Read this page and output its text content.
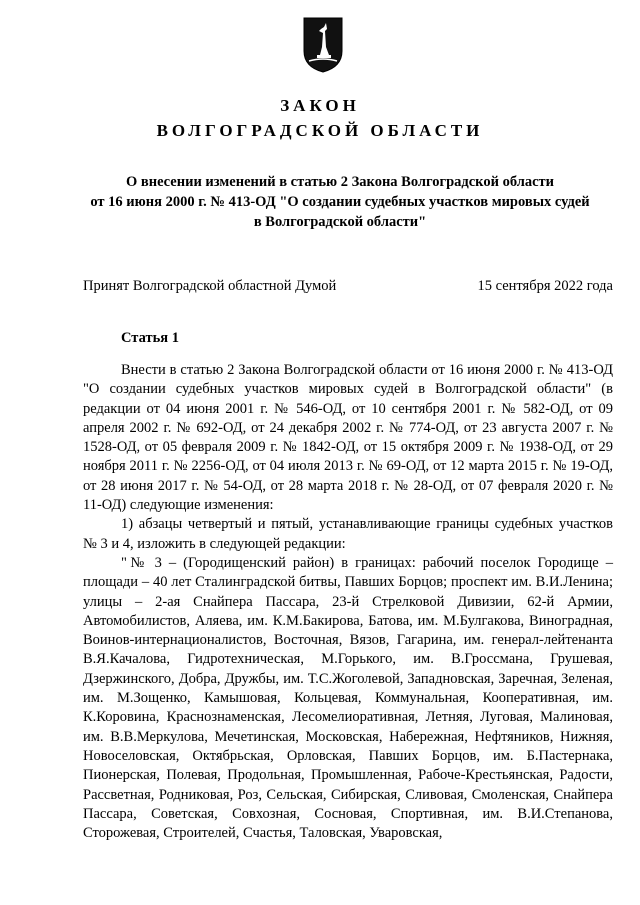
ЗАКОН
ВОЛГОГРАДСКОЙ ОБЛАСТИ
О внесении изменений в статью 2 Закона Волгоградской области
от 16 июня 2000 г. № 413-ОД "О создании судебных участков мировых судей
в Волгоградской области"
Принят Волгоградской областной Думой	15 сентября 2022 года
Статья 1

Внести в статью 2 Закона Волгоградской области от 16 июня 2000 г. № 413-ОД "О создании судебных участков мировых судей в Волгоградской области" (в редакции от 04 июня 2001 г. № 546-ОД, от 10 сентября 2001 г. № 582-ОД, от 09 апреля 2002 г. № 692-ОД, от 24 декабря 2002 г. № 774-ОД, от 23 августа 2007 г. № 1528-ОД, от 05 февраля 2009 г. № 1842-ОД, от 15 октября 2009 г. № 1938-ОД, от 29 ноября 2011 г. № 2256-ОД, от 04 июля 2013 г. № 69-ОД, от 12 марта 2015 г. № 19-ОД, от 28 июня 2017 г. № 54-ОД, от 28 марта 2018 г. № 28-ОД, от 07 февраля 2020 г. № 11-ОД) следующие изменения:

1) абзацы четвертый и пятый, устанавливающие границы судебных участков № 3 и 4, изложить в следующей редакции:

"№ 3 – (Городищенский район) в границах: рабочий поселок Городище – площади – 40 лет Сталинградской битвы, Павших Борцов; проспект им. В.И.Ленина; улицы – 2-ая Снайпера Пассара, 23-й Стрелковой Дивизии, 62-й Армии, Автомобилистов, Аляева, им. К.М.Бакирова, Батова, им. М.Булгакова, Виноградная, Воинов-интернационалистов, Восточная, Вязов, Гагарина, им. генерал-лейтенанта В.Я.Качалова, Гидротехническая, М.Горького, им. В.Гроссмана, Грушевая, Дзержинского, Добра, Дружбы, им. Т.С.Жоголевой, Западновская, Заречная, Зеленая, им. М.Зощенко, Камышовая, Кольцевая, Коммунальная, Кооперативная, им. К.Коровина, Краснознаменская, Лесомелиоративная, Летняя, Луговая, Малиновая, им. В.В.Меркулова, Мечетинская, Московская, Набережная, Нефтяников, Нижняя, Новоселовская, Октябрьская, Орловская, Павших Борцов, им. Б.Пастернака, Пионерская, Полевая, Продольная, Промышленная, Рабоче-Крестьянская, Радости, Рассветная, Родниковая, Роз, Сельская, Сибирская, Сливовая, Смоленская, Снайпера Пассара, Советская, Совхозная, Сосновая, Спортивная, им. В.И.Степанова, Сторожевая, Строителей, Счастья, Таловская, Уваровская,
